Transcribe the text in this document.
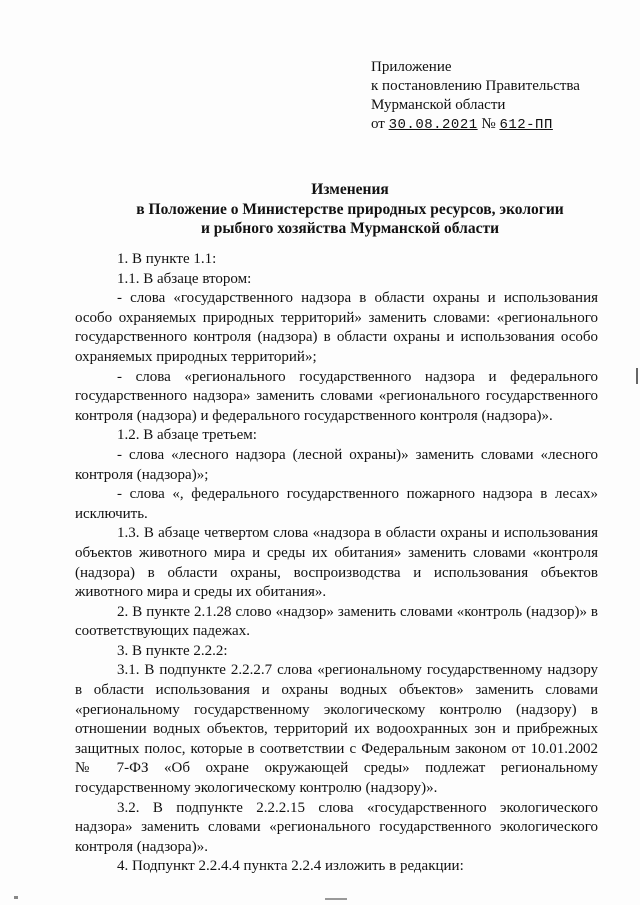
Приложение
к постановлению Правительства
Мурманской области
от 30.08.2021 № 612-ПП
Изменения
в Положение о Министерстве природных ресурсов, экологии
и рыбного хозяйства Мурманской области

1. В пункте 1.1:

1.1. В абзаце втором:

- слова «государственного надзора в области охраны и использования особо охраняемых природных территорий» заменить словами: «регионального государственного контроля (надзора) в области охраны и использования особо охраняемых природных территорий»;

- слова «регионального государственного надзора и федерального государственного надзора» заменить словами «регионального государственного контроля (надзора) и федерального государственного контроля (надзора)».

1.2. В абзаце третьем:

- слова «лесного надзора (лесной охраны)» заменить словами «лесного контроля (надзора)»;

- слова «, федерального государственного пожарного надзора в лесах» исключить.

1.3. В абзаце четвертом слова «надзора в области охраны и использования объектов животного мира и среды их обитания» заменить словами «контроля (надзора) в области охраны, воспроизводства и использования объектов животного мира и среды их обитания».

2. В пункте 2.1.28 слово «надзор» заменить словами «контроль (надзор)» в соответствующих падежах.

3. В пункте 2.2.2:

3.1. В подпункте 2.2.2.7 слова «региональному государственному надзору в области использования и охраны водных объектов» заменить словами «региональному государственному экологическому контролю (надзору) в отношении водных объектов, территорий их водоохранных зон и прибрежных защитных полос, которые в соответствии с Федеральным законом от 10.01.2002 № 7-ФЗ «Об охране окружающей среды» подлежат региональному государственному экологическому контролю (надзору)».

3.2. В подпункте 2.2.2.15 слова «государственного экологического надзора» заменить словами «регионального государственного экологического контроля (надзора)».

4. Подпункт 2.2.4.4 пункта 2.2.4 изложить в редакции:
